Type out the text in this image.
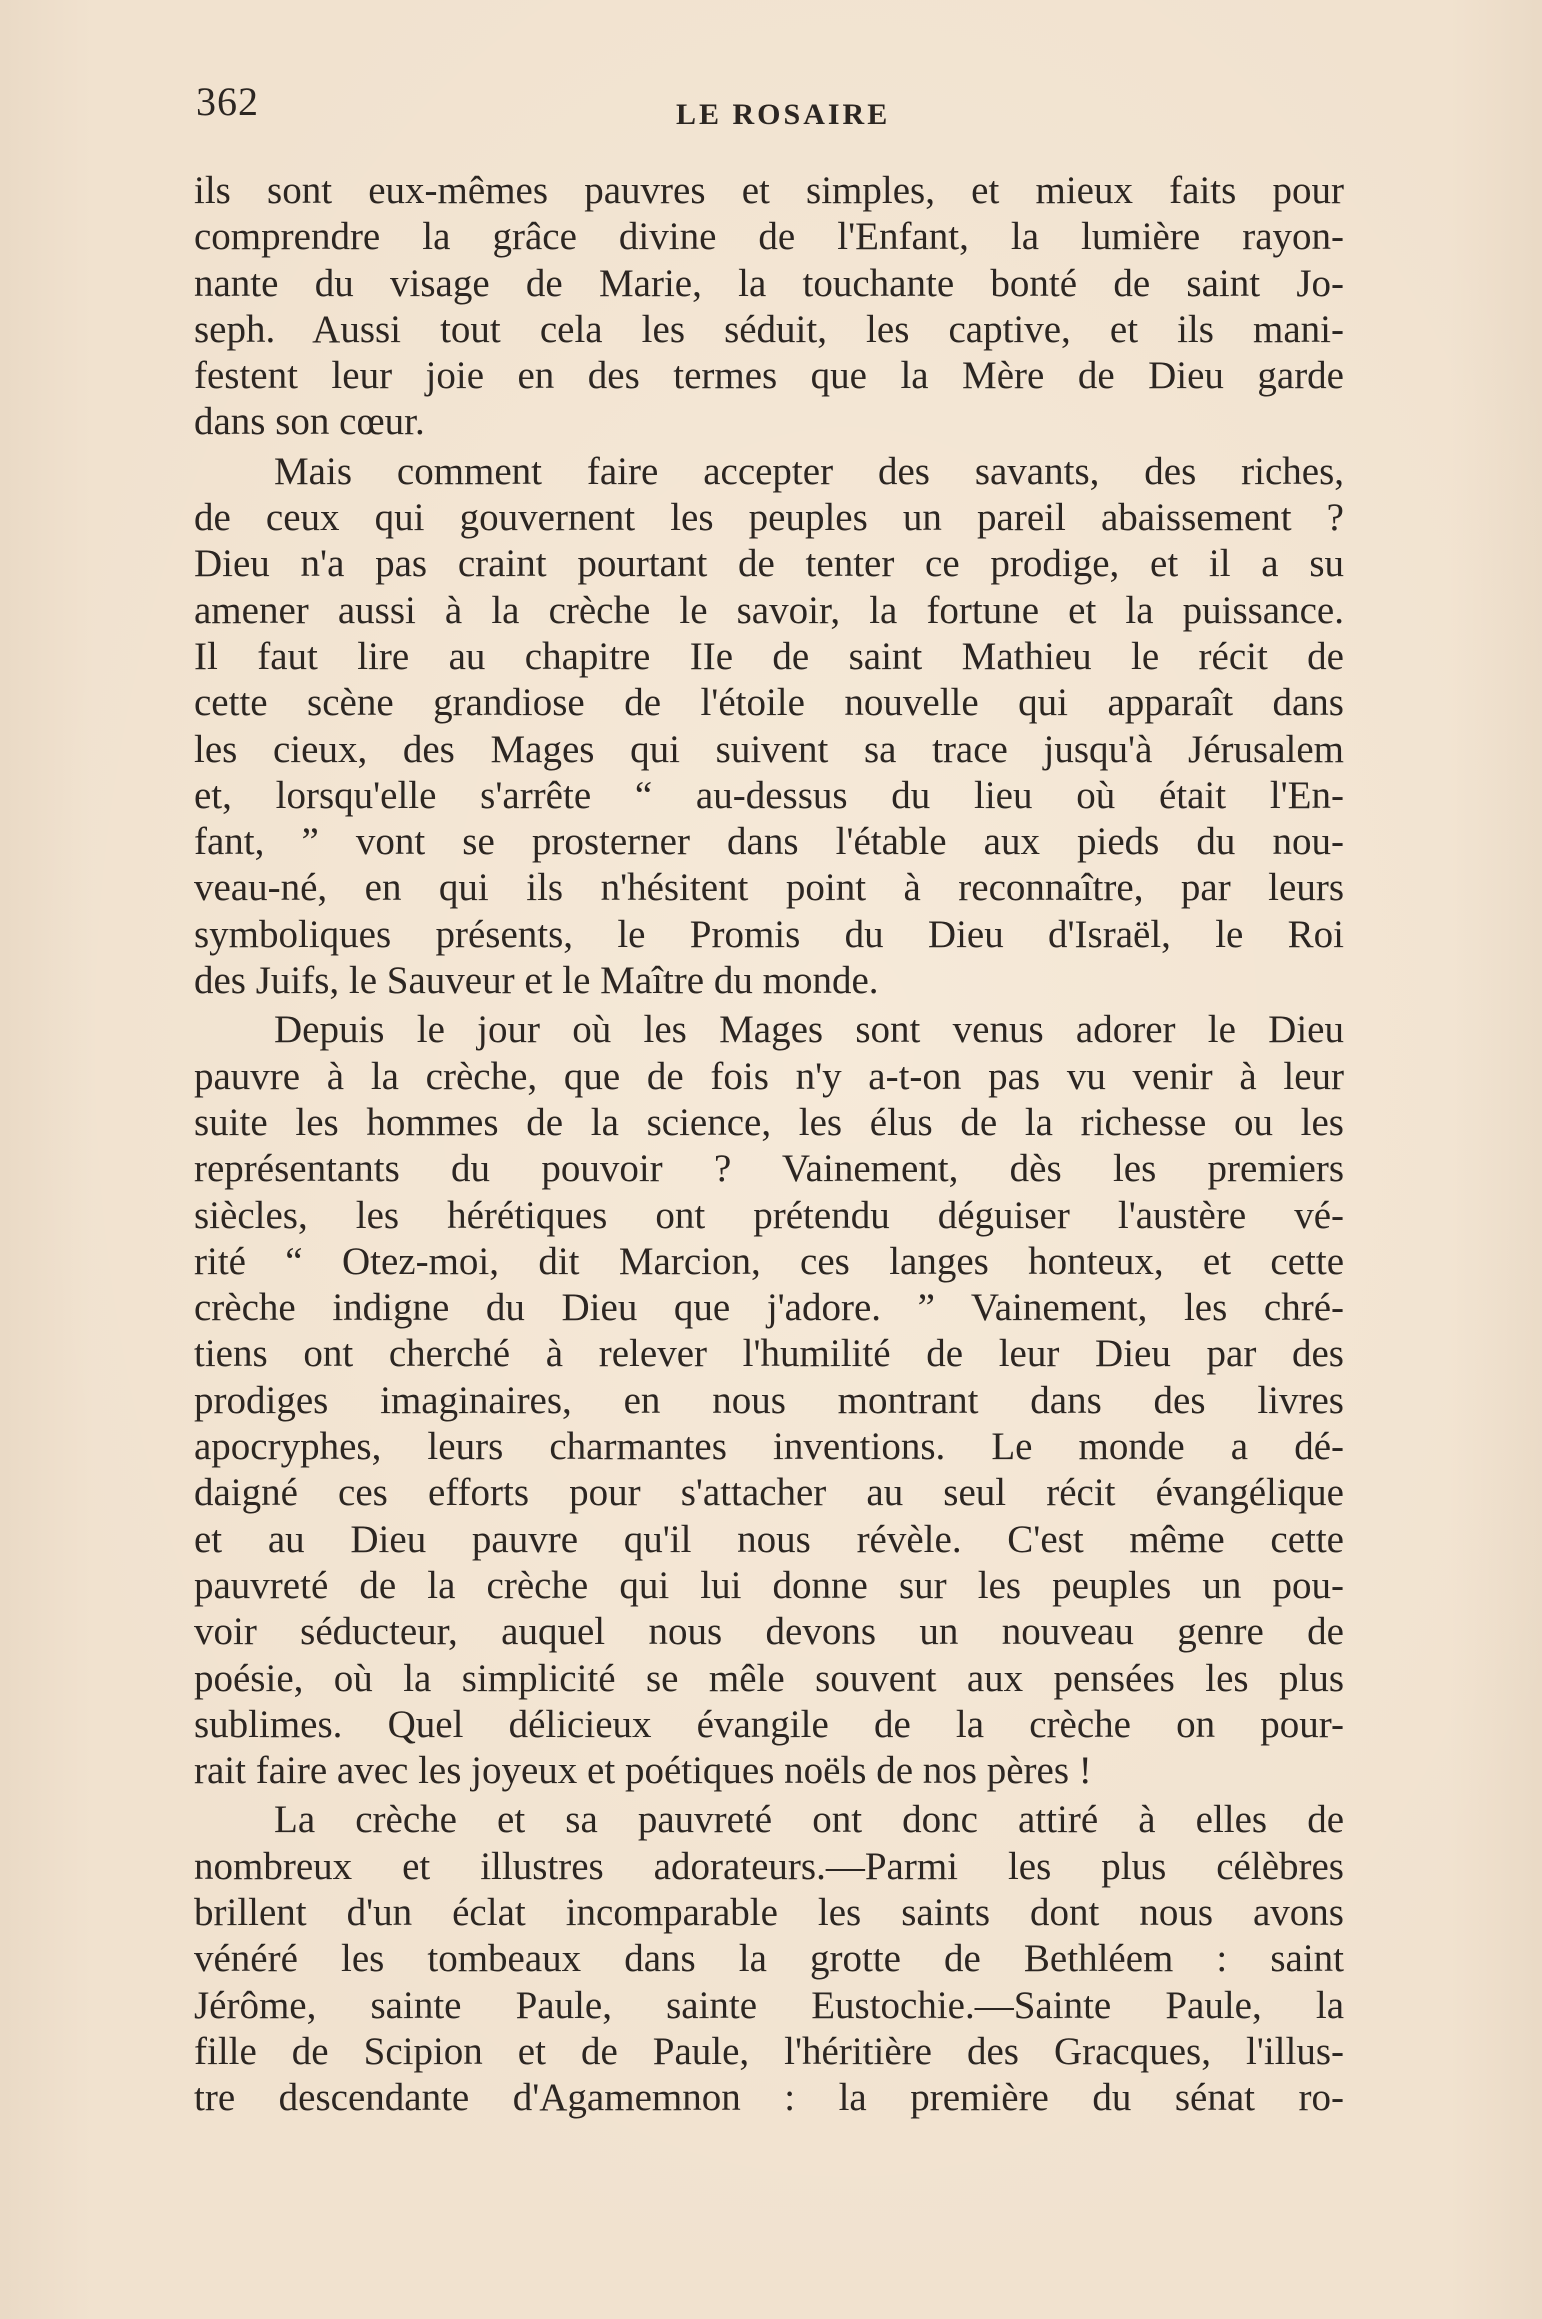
362	LE ROSAIRE
ils sont eux-mêmes pauvres et simples, et mieux faits pour
comprendre la grâce divine de l'Enfant, la lumière rayon-
nante du visage de Marie, la touchante bonté de saint Jo-
seph. Aussi tout cela les séduit, les captive, et ils mani-
festent leur joie en des termes que la Mère de Dieu garde
dans son cœur.
Mais comment faire accepter des savants, des riches,
de ceux qui gouvernent les peuples un pareil abaissement ?
Dieu n'a pas craint pourtant de tenter ce prodige, et il a su
amener aussi à la crèche le savoir, la fortune et la puissance.
Il faut lire au chapitre IIe de saint Mathieu le récit de
cette scène grandiose de l'étoile nouvelle qui apparaît dans
les cieux, des Mages qui suivent sa trace jusqu'à Jérusalem
et, lorsqu'elle s'arrête “ au-dessus du lieu où était l'En-
fant, ” vont se prosterner dans l'étable aux pieds du nou-
veau-né, en qui ils n'hésitent point à reconnaître, par leurs
symboliques présents, le Promis du Dieu d'Israël, le Roi
des Juifs, le Sauveur et le Maître du monde.
Depuis le jour où les Mages sont venus adorer le Dieu
pauvre à la crèche, que de fois n'y a-t-on pas vu venir à leur
suite les hommes de la science, les élus de la richesse ou les
représentants du pouvoir ? Vainement, dès les premiers
siècles, les hérétiques ont prétendu déguiser l'austère vé-
rité “ Otez-moi, dit Marcion, ces langes honteux, et cette
crèche indigne du Dieu que j'adore. ” Vainement, les chré-
tiens ont cherché à relever l'humilité de leur Dieu par des
prodiges imaginaires, en nous montrant dans des livres
apocryphes, leurs charmantes inventions. Le monde a dé-
daigné ces efforts pour s'attacher au seul récit évangélique
et au Dieu pauvre qu'il nous révèle. C'est même cette
pauvreté de la crèche qui lui donne sur les peuples un pou-
voir séducteur, auquel nous devons un nouveau genre de
poésie, où la simplicité se mêle souvent aux pensées les plus
sublimes. Quel délicieux évangile de la crèche on pour-
rait faire avec les joyeux et poétiques noëls de nos pères !
La crèche et sa pauvreté ont donc attiré à elles de
nombreux et illustres adorateurs.—Parmi les plus célèbres
brillent d'un éclat incomparable les saints dont nous avons
vénéré les tombeaux dans la grotte de Bethléem : saint
Jérôme, sainte Paule, sainte Eustochie.—Sainte Paule, la
fille de Scipion et de Paule, l'héritière des Gracques, l'illus-
tre descendante d'Agamemnon : la première du sénat ro-
